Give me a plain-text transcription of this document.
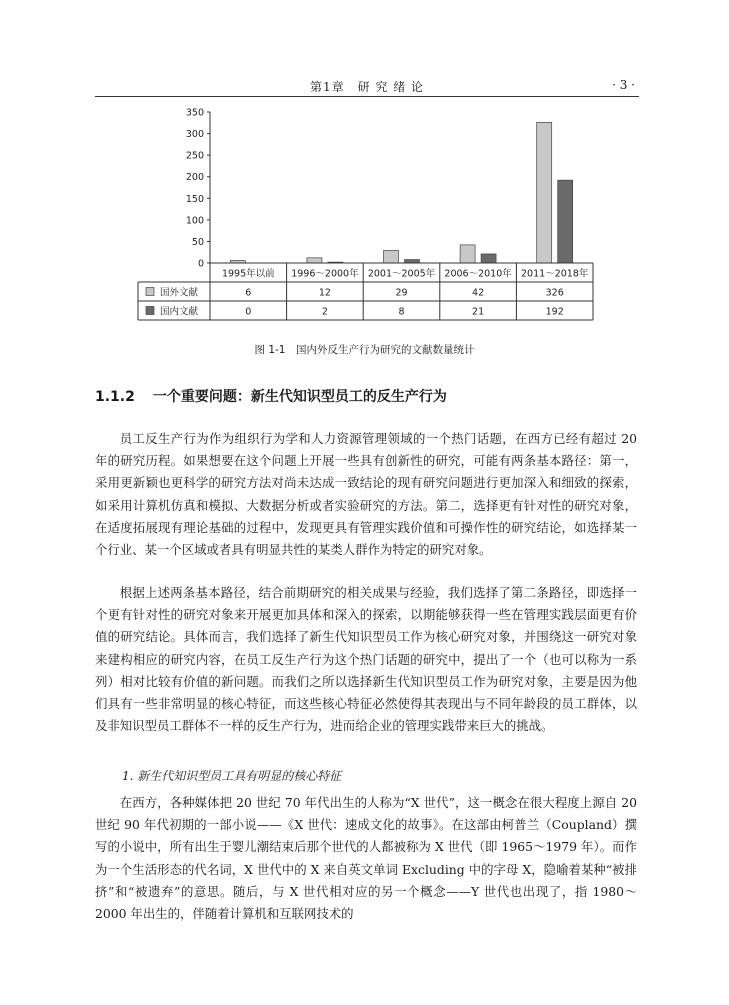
第1章　研 究 绪 论	· 3 ·
0
50
100
150
200
250
300
350
1995年以前 1996～2000年 2001～2005年 2006～2010年 2011～2018年
国外文献	6	12	29	42	326
国内文献	0	2	8	21	192
图 1-1　国内外反生产行为研究的文献数量统计
1.1.2 一个重要问题：新生代知识型员工的反生产行为

员工反生产行为作为组织行为学和人力资源管理领域的一个热门话题，在西方已经有超过 20 年的研究历程。如果想要在这个问题上开展一些具有创新性的研究，可能有两条基本路径：第一，采用更新颖也更科学的研究方法对尚未达成一致结论的现有研究问题进行更加深入和细致的探索，如采用计算机仿真和模拟、大数据分析或者实验研究的方法。第二，选择更有针对性的研究对象，在适度拓展现有理论基础的过程中，发现更具有管理实践价值和可操作性的研究结论，如选择某一个行业、某一个区域或者具有明显共性的某类人群作为特定的研究对象。

根据上述两条基本路径，结合前期研究的相关成果与经验，我们选择了第二条路径，即选择一个更有针对性的研究对象来开展更加具体和深入的探索，以期能够获得一些在管理实践层面更有价值的研究结论。具体而言，我们选择了新生代知识型员工作为核心研究对象，并围绕这一研究对象来建构相应的研究内容，在员工反生产行为这个热门话题的研究中，提出了一个（也可以称为一系列）相对比较有价值的新问题。而我们之所以选择新生代知识型员工作为研究对象，主要是因为他们具有一些非常明显的核心特征，而这些核心特征必然使得其表现出与不同年龄段的员工群体，以及非知识型员工群体不一样的反生产行为，进而给企业的管理实践带来巨大的挑战。

1. 新生代知识型员工具有明显的核心特征

在西方，各种媒体把 20 世纪 70 年代出生的人称为“X 世代”，这一概念在很大程度上源自 20 世纪 90 年代初期的一部小说——《X 世代：速成文化的故事》。在这部由柯普兰（Coupland）撰写的小说中，所有出生于婴儿潮结束后那个世代的人都被称为 X 世代（即 1965～1979 年）。而作为一个生活形态的代名词，X 世代中的 X 来自英文单词 Excluding 中的字母 X，隐喻着某种“被排挤”和“被遗弃”的意思。随后，与 X 世代相对应的另一个概念——Y 世代也出现了，指 1980～2000 年出生的，伴随着计算机和互联网技术的
